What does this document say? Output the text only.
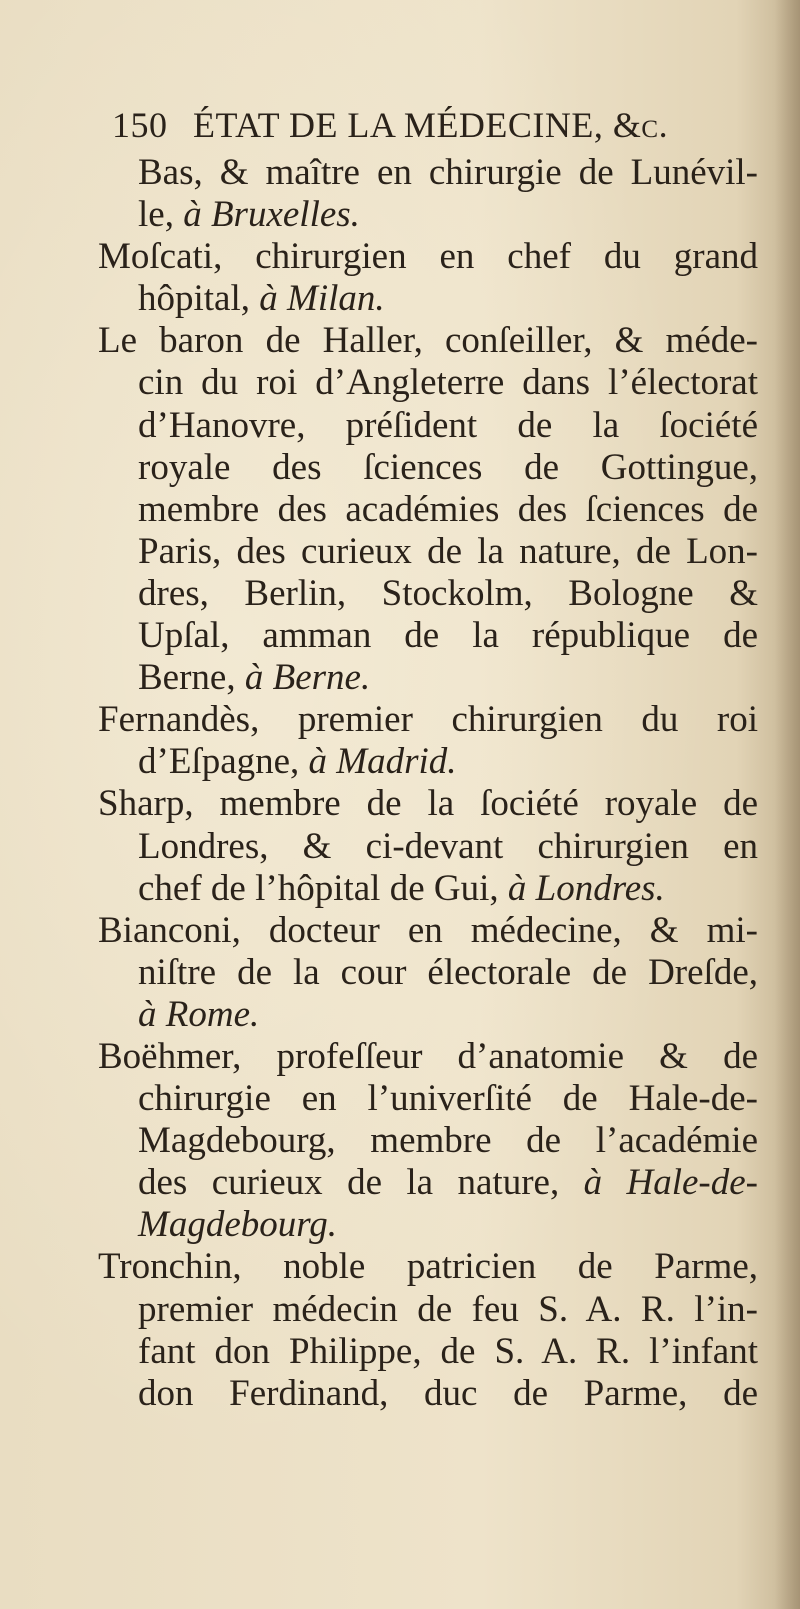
150 ÉTAT DE LA MÉDECINE, &c.
Bas, & maître en chirurgie de Lunévil-
le, à Bruxelles.
Moſcati, chirurgien en chef du grand
hôpital, à Milan.
Le baron de Haller, conſeiller, & méde-
cin du roi d’Angleterre dans l’électorat
d’Hanovre, préſident de la ſociété
royale des ſciences de Gottingue,
membre des académies des ſciences de
Paris, des curieux de la nature, de Lon-
dres, Berlin, Stockolm, Bologne &
Upſal, amman de la république de
Berne, à Berne.
Fernandès, premier chirurgien du roi
d’Eſpagne, à Madrid.
Sharp, membre de la ſociété royale de
Londres, & ci-devant chirurgien en
chef de l’hôpital de Gui, à Londres.
Bianconi, docteur en médecine, & mi-
niſtre de la cour électorale de Dreſde,
à Rome.
Boëhmer, profeſſeur d’anatomie & de
chirurgie en l’univerſité de Hale-de-
Magdebourg, membre de l’académie
des curieux de la nature, à Hale-de-
Magdebourg.
Tronchin, noble patricien de Parme,
premier médecin de feu S. A. R. l’in-
fant don Philippe, de S. A. R. l’infant
don Ferdinand, duc de Parme, de
